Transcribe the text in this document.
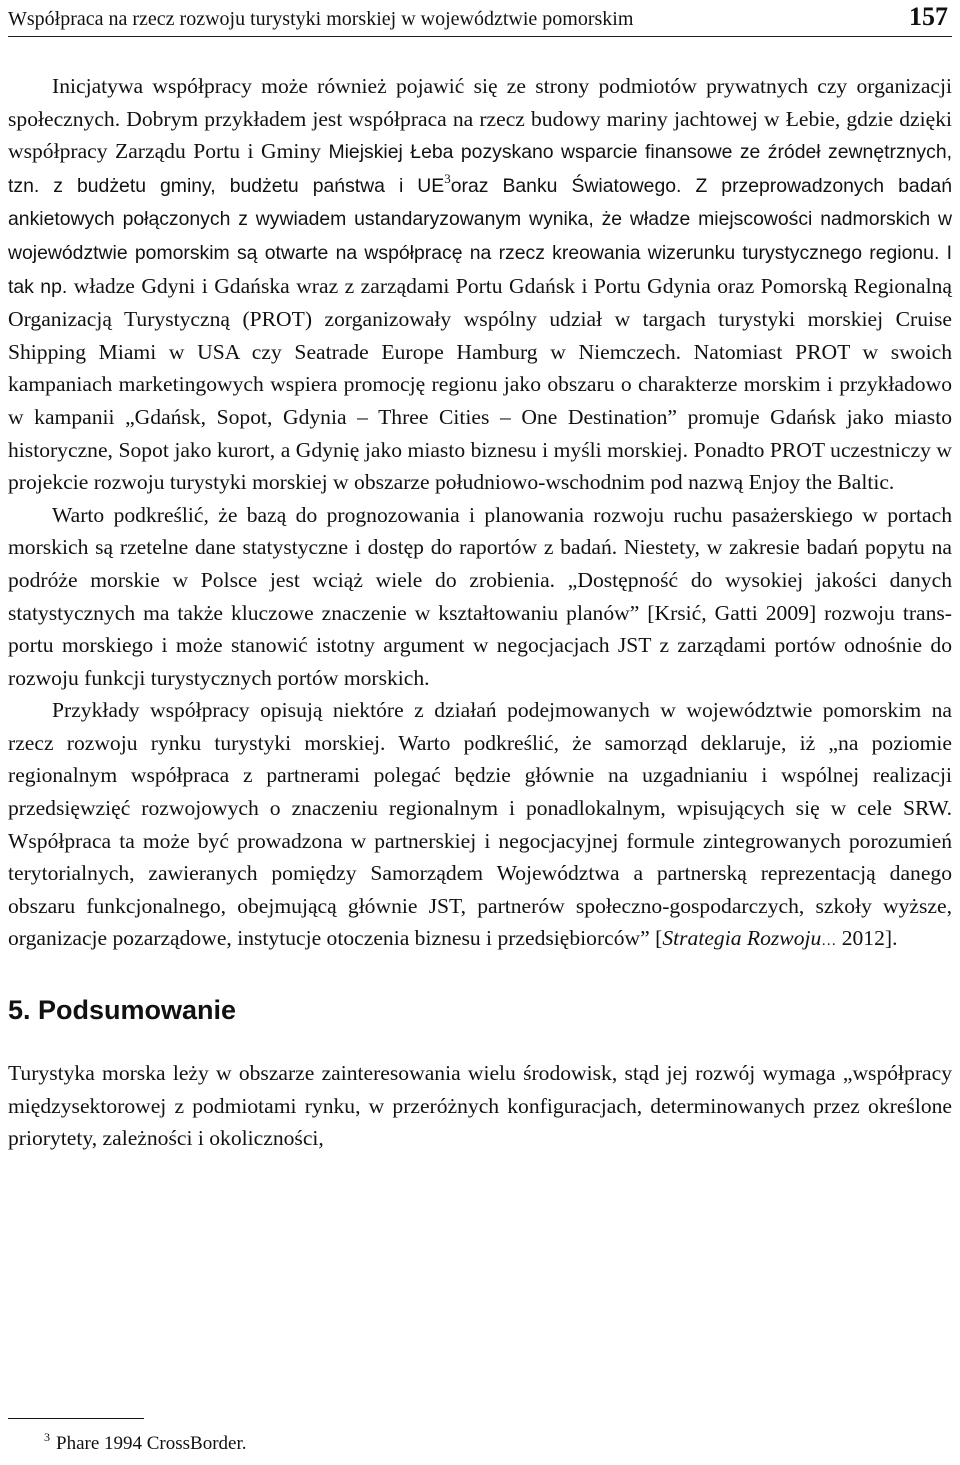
Współpraca na rzecz rozwoju turystyki morskiej w województwie pomorskim	157

Inicjatywa współpracy może również pojawić się ze strony podmiotów prywatnych czy organizacji społecznych. Dobrym przykładem jest współpraca na rzecz budowy mariny jachtowej w Łebie, gdzie dzięki współpracy Zarządu Portu i Gminy Miejskiej Łeba pozyskano wsparcie finansowe ze źródeł zewnętrznych, tzn. z budżetu gminy, budżetu państwa i $UE^3oraz$ Banku Światowego. Z przeprowadzonych badań ankietowych połączonych z wywiadem ustandaryzowanym wynika, że władze miejscowości nadmorskich w województwie pomorskim są otwarte na współpracę na rzecz kreowania wizerunku turystycznego regionu. I tak np. władze Gdyni i Gdańska wraz z zarządami Portu Gdańsk i Portu Gdynia oraz Pomorską Regionalną Organizacją Turystyczną (PROT) zorganizowały wspólny udział w targach turystyki morskiej Cruise Shipping Miami w USA czy Seatrade Europe Hamburg w Niemczech. Natomiast PROT w swoich kampaniach marketingowych wspiera promocję regionu jako obszaru o charakterze morskim i przykładowo w kampanii „Gdańsk, Sopot, Gdynia – Three Cities – One Destination” promuje Gdańsk jako miasto historyczne, Sopot jako kurort, a Gdynię jako miasto biznesu i myśli morskiej. Ponadto PROT uczestniczy w projekcie rozwoju turystyki morskiej w obszarze południowo-wschodnim pod nazwą Enjoy the Baltic.

Warto podkreślić, że bazą do prognozowania i planowania rozwoju ruchu pasażerskiego w portach morskich są rzetelne dane statystyczne i dostęp do raportów z badań. Niestety, w zakresie badań popytu na podróże morskie w Polsce jest wciąż wiele do zrobienia. „Dostępność do wysokiej jakości danych statystycznych ma także kluczowe znaczenie w kształtowaniu planów” [Krsić, Gatti 2009] rozwoju transportu morskiego i może stanowić istotny argument w negocjacjach JST z zarządami portów odnośnie do rozwoju funkcji turystycznych portów morskich.

Przykłady współpracy opisują niektóre z działań podejmowanych w województwie pomorskim na rzecz rozwoju rynku turystyki morskiej. Warto podkreślić, że samorząd deklaruje, iż „na poziomie regionalnym współpraca z partnerami polegać będzie głównie na uzgadnianiu i wspólnej realizacji przedsięwzięć rozwojowych o znaczeniu regionalnym i ponadlokalnym, wpisujących się w cele SRW. Współpraca ta może być prowadzona w partnerskiej i negocjacyjnej formule zintegrowanych porozumień terytorialnych, zawieranych pomiędzy Samorządem Województwa a partnerską reprezentacją danego obszaru funkcjonalnego, obejmującą głównie JST, partnerów społeczno-gospodarczych, szkoły wyższe, organizacje pozarządowe, instytucje otoczenia biznesu i przedsiębiorców” [Strategia Rozwoju… 2012].

5. Podsumowanie

Turystyka morska leży w obszarze zainteresowania wielu środowisk, stąd jej rozwój wymaga „współpracy międzysektorowej z podmiotami rynku, w przeróżnych konfiguracjach, determinowanych przez określone priorytety, zależności i okoliczności,

$^3$ Phare 1994 CrossBorder.
